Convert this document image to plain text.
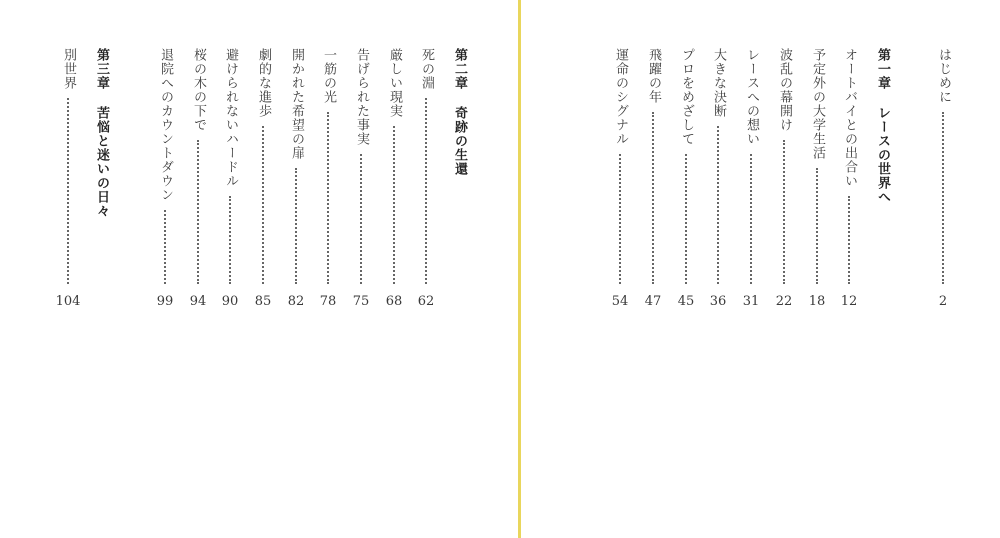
はじめに
2
第一章
レースの世界へ
オートバイとの出合い
12
予定外の大学生活
18
波乱の幕開け
22
レースへの想い
31
大きな決断
36
プロをめざして
45
飛躍の年
47
運命のシグナル
54
第二章
奇跡の生還
死の淵
62
厳しい現実
68
告げられた事実
75
一筋の光
78
開かれた希望の扉
82
劇的な進歩
85
避けられないハードル
90
桜の木の下で
94
退院へのカウントダウン
99
第三章
苦悩と迷いの日々
別世界
104
